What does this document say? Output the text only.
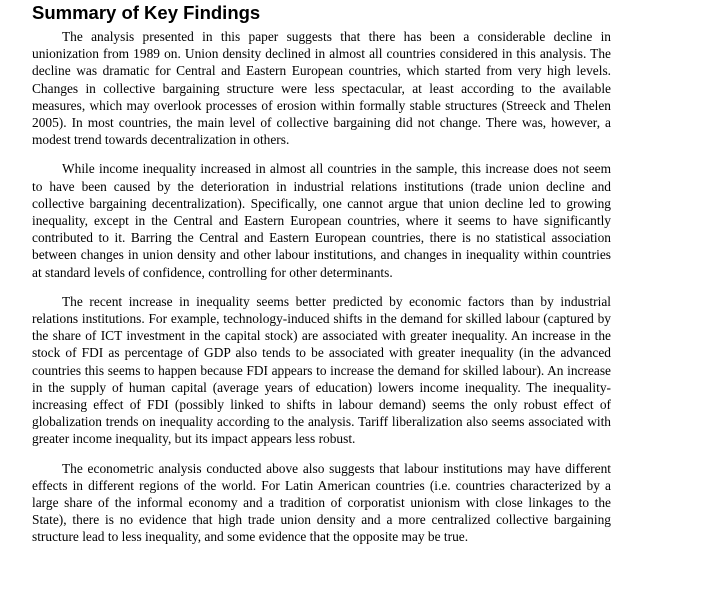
Summary of Key Findings

The analysis presented in this paper suggests that there has been a considerable decline in unionization from 1989 on. Union density declined in almost all countries considered in this analysis. The decline was dramatic for Central and Eastern European countries, which started from very high levels. Changes in collective bargaining structure were less spectacular, at least according to the available measures, which may overlook processes of erosion within formally stable structures (Streeck and Thelen 2005). In most countries, the main level of collective bargaining did not change. There was, however, a modest trend towards decentralization in others.

While income inequality increased in almost all countries in the sample, this increase does not seem to have been caused by the deterioration in industrial relations institutions (trade union decline and collective bargaining decentralization). Specifically, one cannot argue that union decline led to growing inequality, except in the Central and Eastern European countries, where it seems to have significantly contributed to it. Barring the Central and Eastern European countries, there is no statistical association between changes in union density and other labour institutions, and changes in inequality within countries at standard levels of confidence, controlling for other determinants.

The recent increase in inequality seems better predicted by economic factors than by industrial relations institutions. For example, technology-induced shifts in the demand for skilled labour (captured by the share of ICT investment in the capital stock) are associated with greater inequality. An increase in the stock of FDI as percentage of GDP also tends to be associated with greater inequality (in the advanced countries this seems to happen because FDI appears to increase the demand for skilled labour). An increase in the supply of human capital (average years of education) lowers income inequality. The inequality-increasing effect of FDI (possibly linked to shifts in labour demand) seems the only robust effect of globalization trends on inequality according to the analysis. Tariff liberalization also seems associated with greater income inequality, but its impact appears less robust.

The econometric analysis conducted above also suggests that labour institutions may have different effects in different regions of the world. For Latin American countries (i.e. countries characterized by a large share of the informal economy and a tradition of corporatist unionism with close linkages to the State), there is no evidence that high trade union density and a more centralized collective bargaining structure lead to less inequality, and some evidence that the opposite may be true.
